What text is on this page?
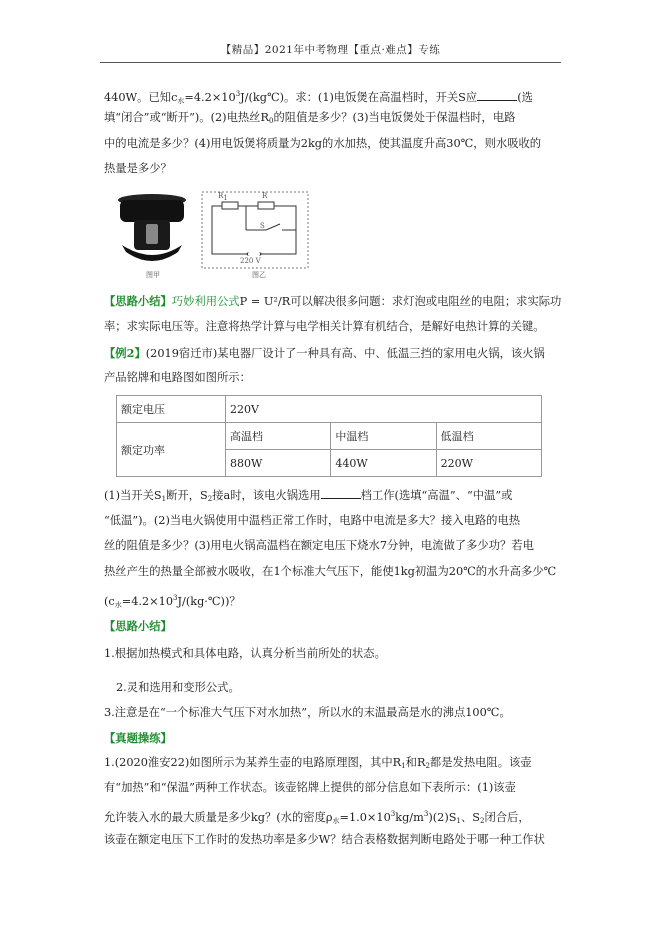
【精品】2021年中考物理【重点·难点】专练
440W。已知$c_水=4.2\times 10^3J/(kg℃)$。求：(1)电饭煲在高温档时，开关S应	(选
填“闭合”或“断开”)。(2)电热丝$R_0$的阻值是多少？(3)当电饭煲处于保温档时，电路
中的电流是多少？(4)用电饭煲将质量为2kg的水加热，使其温度升高30℃，则水吸收的
热量是多少？
R1	R
S
220 V
图甲	图乙
【思路小结】巧妙利用公式P = U²/R可以解决很多问题：求灯泡或电阻丝的电阻；求实际功
率；求实际电压等。注意将热学计算与电学相关计算有机结合，是解好电热计算的关键。
【例2】(2019宿迁市)某电器厂设计了一种具有高、中、低温三挡的家用电火锅，该火锅
产品铭牌和电路图如图所示：
额定电压	220V		
额定功率	高温档	中温档	低温档
	880W	440W	220W
(1)当开关$S_1$断开，$S_2$接a时，该电火锅选用	档工作(选填“高温”、“中温”或
“低温”)。(2)当电火锅使用中温档正常工作时，电路中电流是多大？接入电路的电热
丝的阻值是多少？(3)用电火锅高温档在额定电压下烧水7分钟，电流做了多少功？若电
热丝产生的热量全部被水吸收，在1个标准大气压下，能使1kg初温为20℃的水升高多少℃
$(c_水=4.2\times 10^3J/(kg\cdot℃))$？
【思路小结】
1.根据加热模式和具体电路，认真分析当前所处的状态。
2.灵和选用和变形公式。
3.注意是在“一个标准大气压下对水加热”，所以水的末温最高是水的沸点100℃。
【真题操练】
1.(2020淮安22)如图所示为某养生壶的电路原理图，其中$R_1$和$R_2$都是发热电阻。该壶
有“加热”和“保温”两种工作状态。该壶铭牌上提供的部分信息如下表所示：(1)该壶
允许装入水的最大质量是多少kg？(水的密度$\rho_水=1.0\times 10^3kg/m^3)(2)S_1$、$S_2$闭合后，
该壶在额定电压下工作时的发热功率是多少W？结合表格数据判断电路处于哪一种工作状
